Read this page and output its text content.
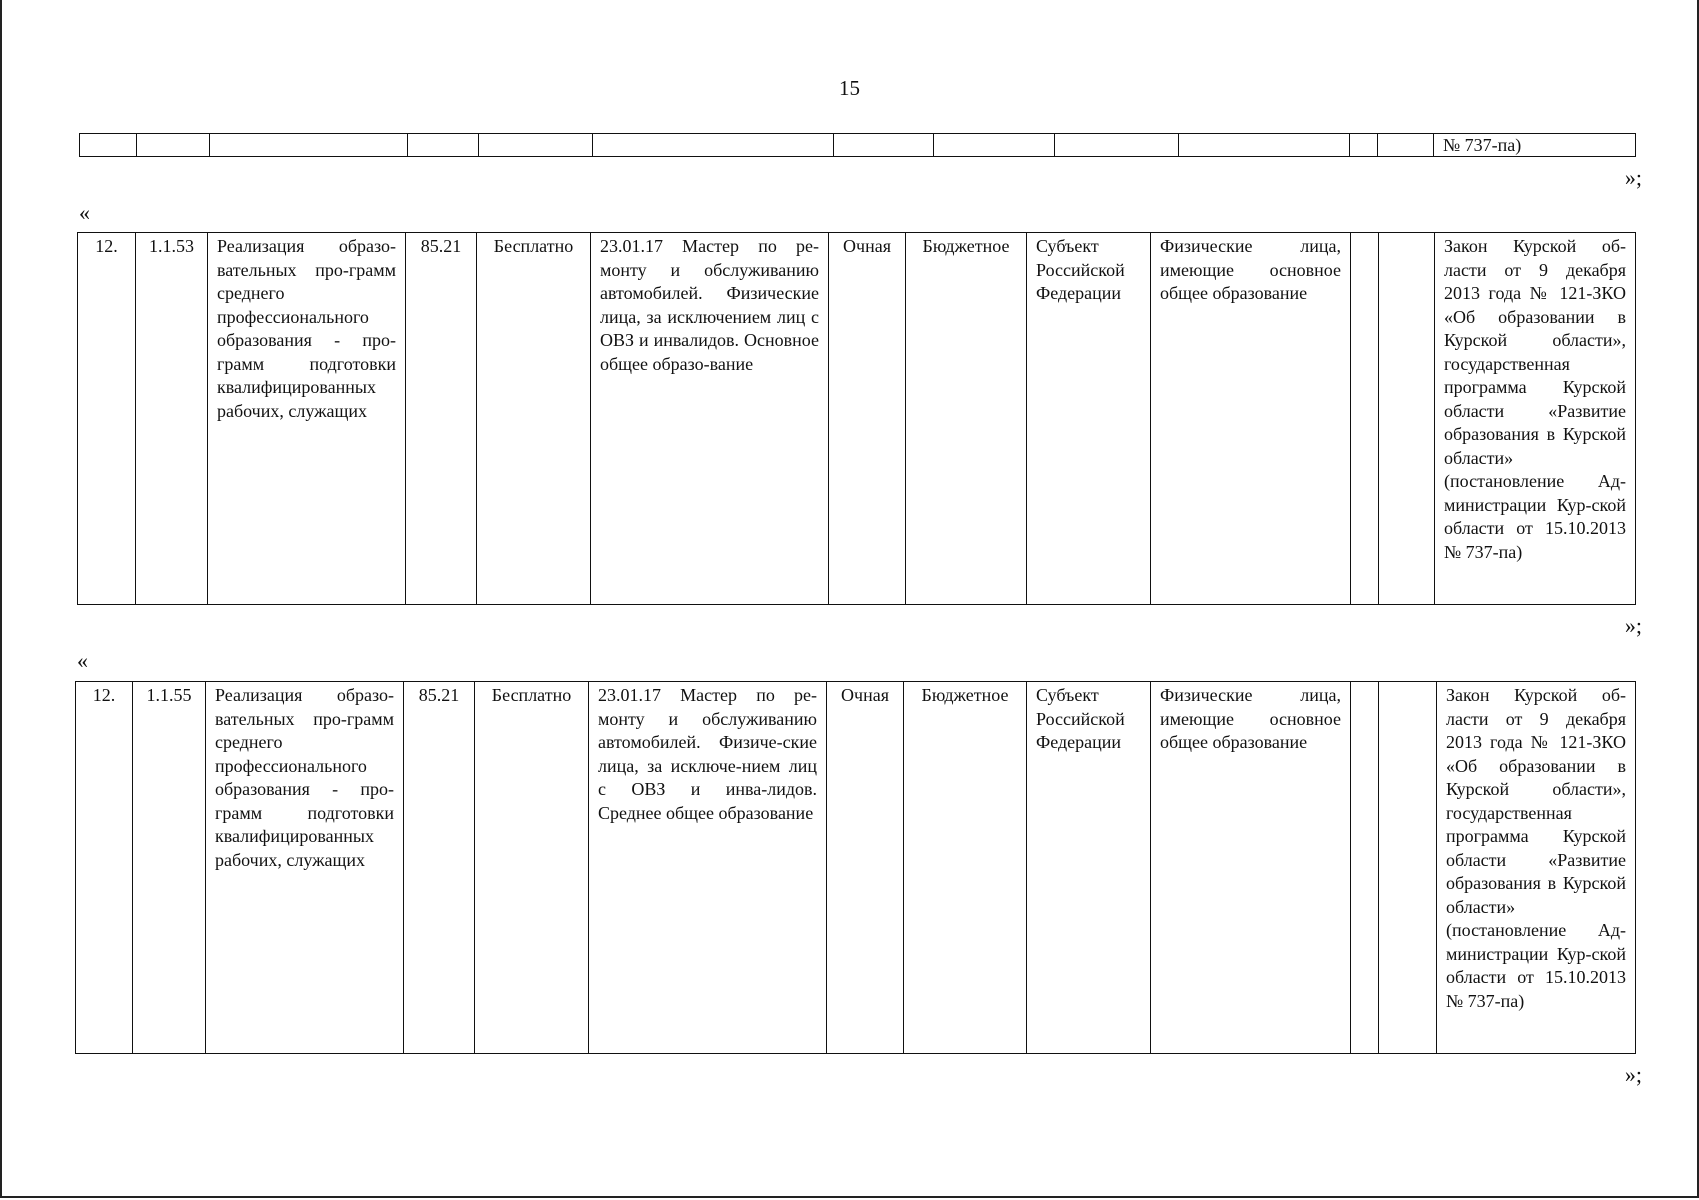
15
												№ 737-па)
»;
«
12.	1.1.53	Реализация образо-вательных про-грамм среднего профессионального образования - про-грамм подготовки квалифицированных рабочих, служащих	85.21	Бесплатно	23.01.17 Мастер по ре-монту и обслуживанию автомобилей. Физические лица, за исключением лиц с ОВЗ и инвалидов. Основное общее образо-вание	Очная	Бюджетное	Субъект Российской Федерации	Физические лица, имеющие основное общее образование			Закон Курской об-ласти от 9 декабря 2013 года № 121-ЗКО «Об образовании в Курской области», государственная программа Курской области «Развитие образования в Курской области» (постановление Ад-министрации Кур-ской области от 15.10.2013 № 737-па)
»;
«
12.	1.1.55	Реализация образо-вательных про-грамм среднего профессионального образования - про-грамм подготовки квалифицированных рабочих, служащих	85.21	Бесплатно	23.01.17 Мастер по ре-монту и обслуживанию автомобилей. Физиче-ские лица, за исключе-нием лиц с ОВЗ и инва-лидов. Среднее общее образование	Очная	Бюджетное	Субъект Российской Федерации	Физические лица, имеющие основное общее образование			Закон Курской об-ласти от 9 декабря 2013 года № 121-ЗКО «Об образовании в Курской области», государственная программа Курской области «Развитие образования в Курской области» (постановление Ад-министрации Кур-ской области от 15.10.2013 № 737-па)
»;
